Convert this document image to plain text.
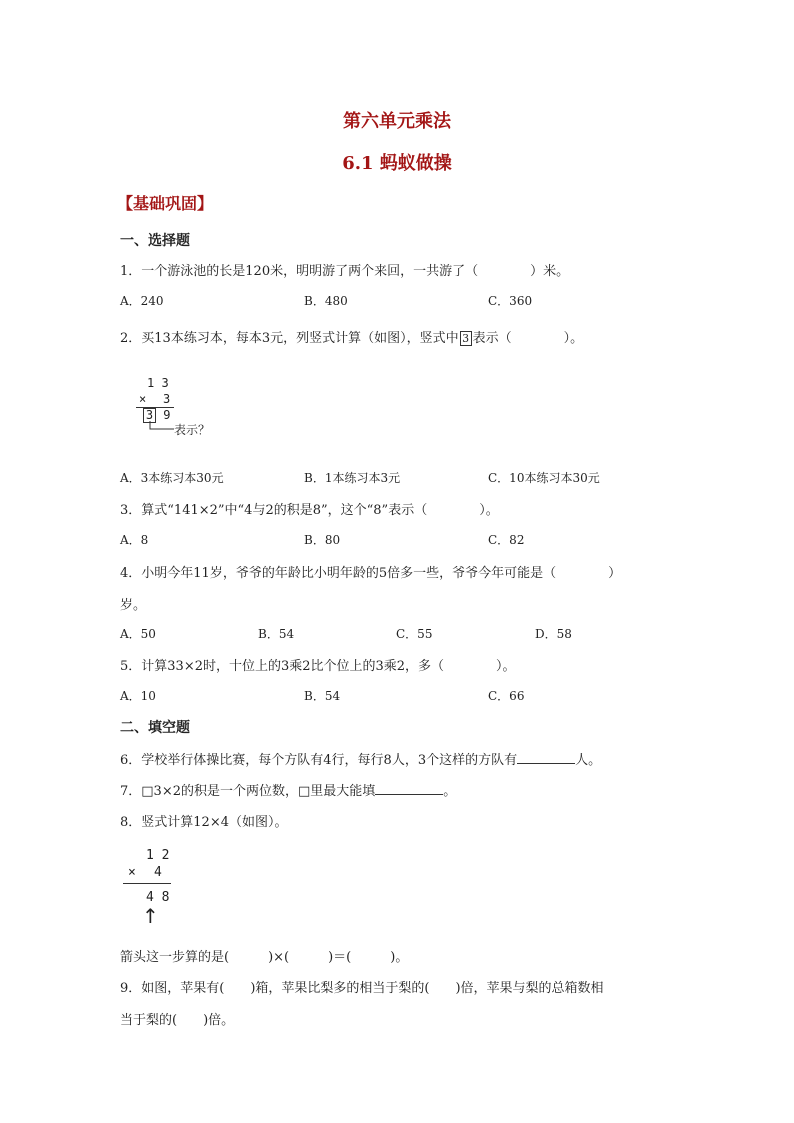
第六单元乘法
6.1 蚂蚁做操
【基础巩固】
一、选择题
1．一个游泳池的长是120米，明明游了两个来回，一共游了（　　　　）米。
A．240	B．480	C．360
2．买13本练习本，每本3元，列竖式计算（如图），竖式中 3 表示（　　　　）。
1 3
× 3
3 9
表示？
A．3本练习本30元	B．1本练习本3元	C．10本练习本30元
3．算式“141×2”中“4与2的积是8”，这个“8”表示（　　　　）。
A．8	B．80	C．82
4．小明今年11岁，爷爷的年龄比小明年龄的5倍多一些，爷爷今年可能是（　　　　）
岁。
A．50	B．54	C．55	D．58
5．计算33×2时，十位上的3乘2比个位上的3乘2，多（　　　　）。
A．10	B．54	C．66
二、填空题
6．学校举行体操比赛，每个方队有4行，每行8人，3个这样的方队有	人。
7．□3×2的积是一个两位数，□里最大能填	。
8．竖式计算12×4（如图）。
1 2
× 4
4 8
↑
箭头这一步算的是(　　　)×(　　　)＝(　　　)。
9．如图，苹果有(　　)箱，苹果比梨多的相当于梨的(　　)倍，苹果与梨的总箱数相
当于梨的(　　)倍。
